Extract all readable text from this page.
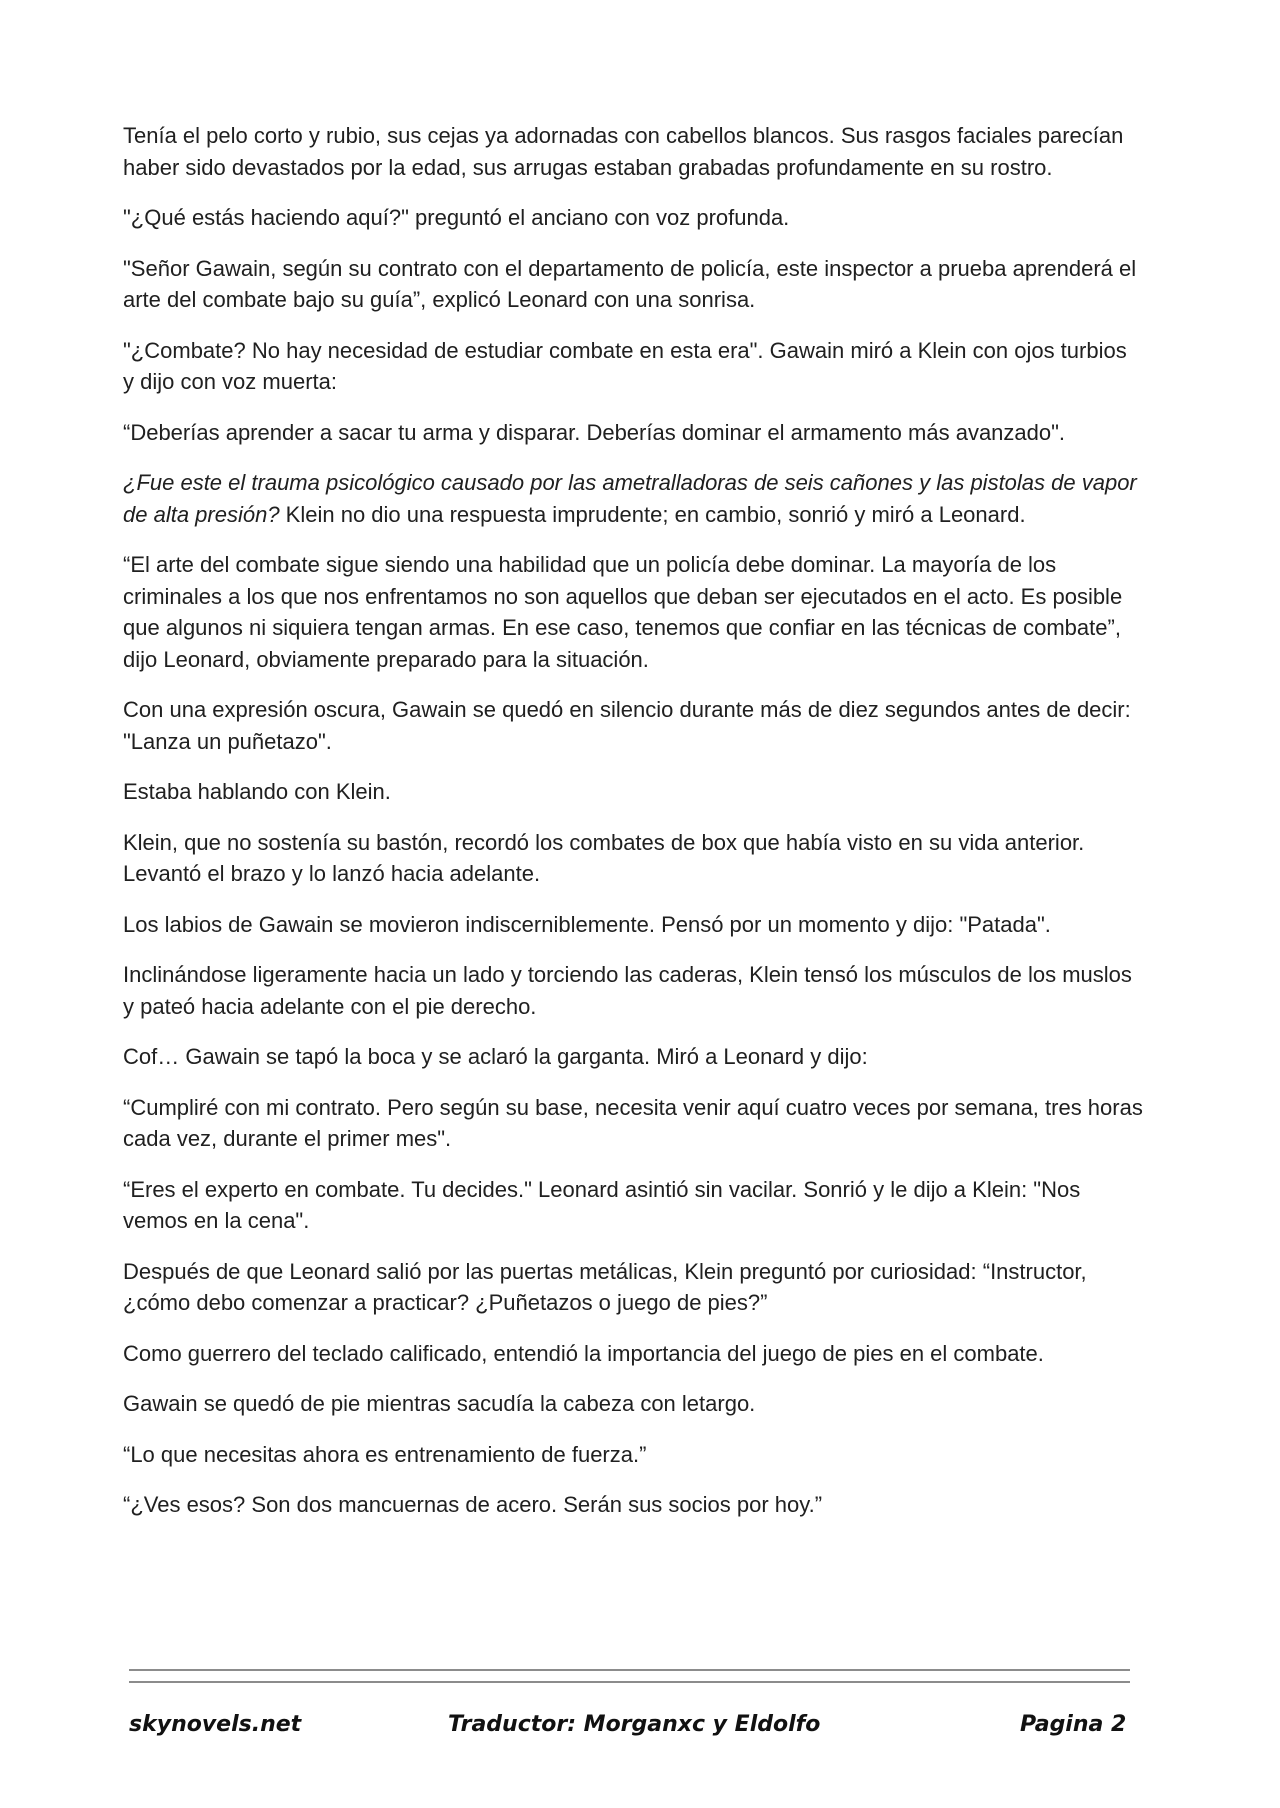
Tenía el pelo corto y rubio, sus cejas ya adornadas con cabellos blancos. Sus rasgos faciales parecían haber sido devastados por la edad, sus arrugas estaban grabadas profundamente en su rostro.

"¿Qué estás haciendo aquí?" preguntó el anciano con voz profunda.

"Señor Gawain, según su contrato con el departamento de policía, este inspector a prueba aprenderá el arte del combate bajo su guía”, explicó Leonard con una sonrisa.

"¿Combate? No hay necesidad de estudiar combate en esta era". Gawain miró a Klein con ojos turbios y dijo con voz muerta:

“Deberías aprender a sacar tu arma y disparar. Deberías dominar el armamento más avanzado".

¿Fue este el trauma psicológico causado por las ametralladoras de seis cañones y las pistolas de vapor de alta presión? Klein no dio una respuesta imprudente; en cambio, sonrió y miró a Leonard.

“El arte del combate sigue siendo una habilidad que un policía debe dominar. La mayoría de los criminales a los que nos enfrentamos no son aquellos que deban ser ejecutados en el acto. Es posible que algunos ni siquiera tengan armas. En ese caso, tenemos que confiar en las técnicas de combate”, dijo Leonard, obviamente preparado para la situación.

Con una expresión oscura, Gawain se quedó en silencio durante más de diez segundos antes de decir: "Lanza un puñetazo".

Estaba hablando con Klein.

Klein, que no sostenía su bastón, recordó los combates de box que había visto en su vida anterior. Levantó el brazo y lo lanzó hacia adelante.

Los labios de Gawain se movieron indiscerniblemente. Pensó por un momento y dijo: "Patada".

Inclinándose ligeramente hacia un lado y torciendo las caderas, Klein tensó los músculos de los muslos y pateó hacia adelante con el pie derecho.

Cof… Gawain se tapó la boca y se aclaró la garganta. Miró a Leonard y dijo:

“Cumpliré con mi contrato. Pero según su base, necesita venir aquí cuatro veces por semana, tres horas cada vez, durante el primer mes".

“Eres el experto en combate. Tu decides." Leonard asintió sin vacilar. Sonrió y le dijo a Klein: "Nos vemos en la cena".

Después de que Leonard salió por las puertas metálicas, Klein preguntó por curiosidad: “Instructor, ¿cómo debo comenzar a practicar? ¿Puñetazos o juego de pies?”

Como guerrero del teclado calificado, entendió la importancia del juego de pies en el combate.

Gawain se quedó de pie mientras sacudía la cabeza con letargo.

“Lo que necesitas ahora es entrenamiento de fuerza.”

“¿Ves esos? Son dos mancuernas de acero. Serán sus socios por hoy.”

skynovels.net	Traductor: Morganxc y Eldolfo	Pagina 2
